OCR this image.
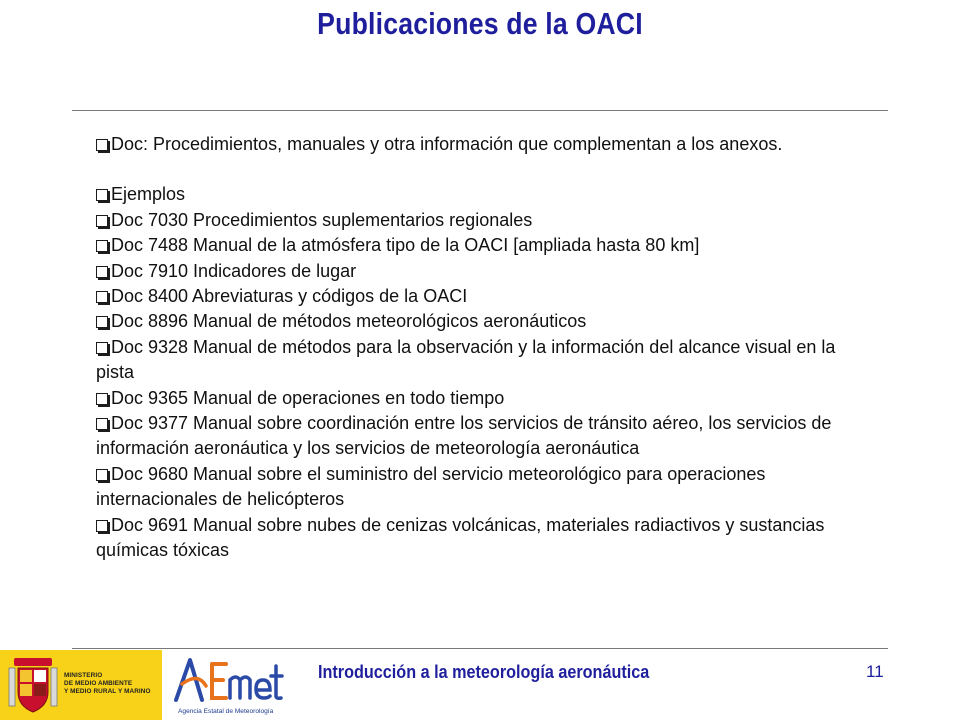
Publicaciones de la OACI

Doc: Procedimientos, manuales y otra información que complementan a los anexos.

Ejemplos

Doc 7030 Procedimientos suplementarios regionales

Doc 7488 Manual de la atmósfera tipo de la OACI [ampliada hasta 80 km]

Doc 7910 Indicadores de lugar

Doc 8400 Abreviaturas y códigos de la OACI

Doc 8896 Manual de métodos meteorológicos aeronáuticos

Doc 9328 Manual de métodos para la observación y la información del alcance visual en la pista

Doc 9365 Manual de operaciones en todo tiempo

Doc 9377 Manual sobre coordinación entre los servicios de tránsito aéreo, los servicios de información aeronáutica y los servicios de meteorología aeronáutica

Doc 9680 Manual sobre el suministro del servicio meteorológico para operaciones internacionales de helicópteros

Doc 9691 Manual sobre nubes de cenizas volcánicas, materiales radiactivos y sustancias químicas tóxicas

MINISTERIO
DE MEDIO AMBIENTE
Y MEDIO RURAL Y MARINO
Agencia Estatal de Meteorología
Introducción a la meteorología aeronáutica	11
